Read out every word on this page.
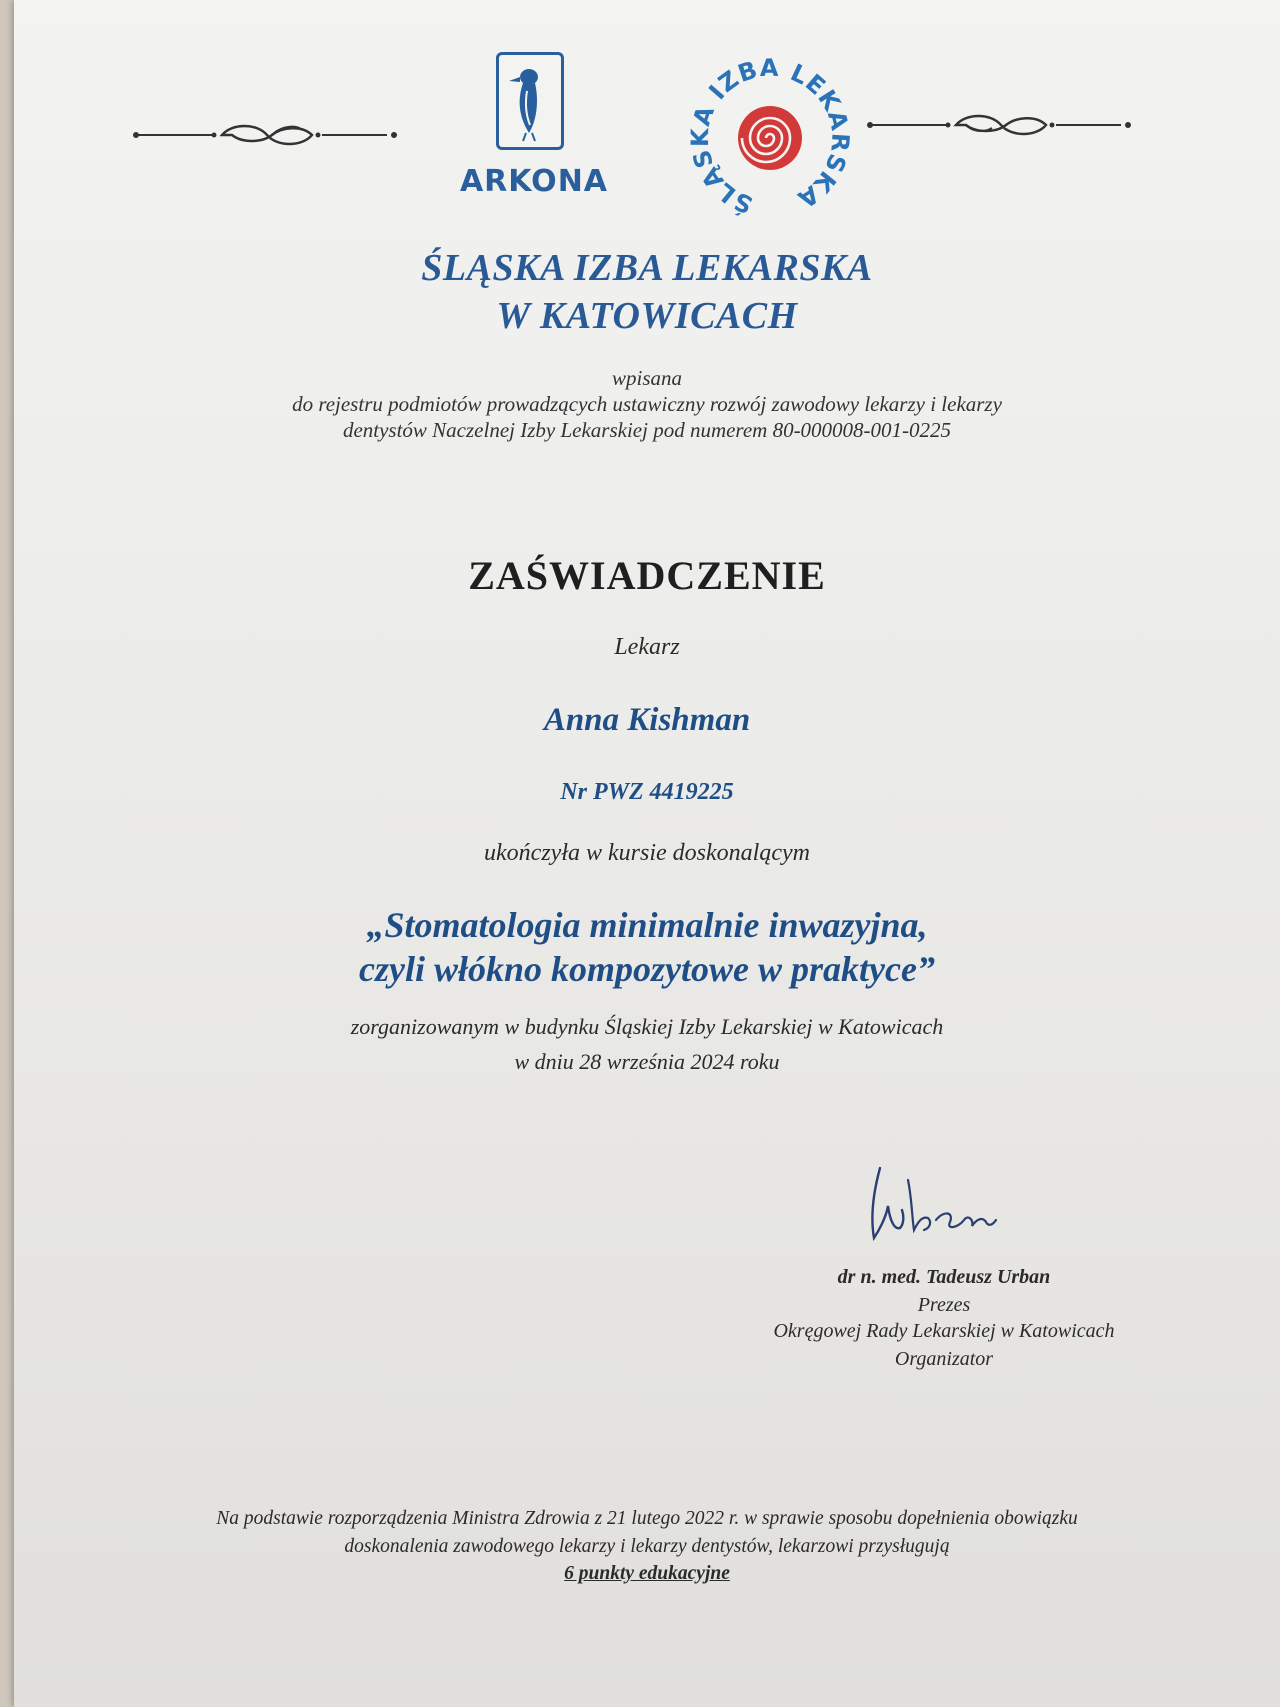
ARKONA
ŚLĄSKA IZBA LEKARSKA
ŚLĄSKA IZBA LEKARSKA
W KATOWICACH
wpisana
do rejestru podmiotów prowadzących ustawiczny rozwój zawodowy lekarzy i lekarzy
dentystów Naczelnej Izby Lekarskiej pod numerem 80-000008-001-0225
ZAŚWIADCZENIE
Lekarz
Anna Kishman
Nr PWZ 4419225
ukończyła w kursie doskonalącym
„Stomatologia minimalnie inwazyjna,
czyli włókno kompozytowe w praktyce”
zorganizowanym w budynku Śląskiej Izby Lekarskiej w Katowicach
w dniu 28 września 2024 roku
dr n. med. Tadeusz Urban
Prezes
Okręgowej Rady Lekarskiej w Katowicach
Organizator
Na podstawie rozporządzenia Ministra Zdrowia z 21 lutego 2022 r. w sprawie sposobu dopełnienia obowiązku
doskonalenia zawodowego lekarzy i lekarzy dentystów, lekarzowi przysługują
6 punkty edukacyjne
